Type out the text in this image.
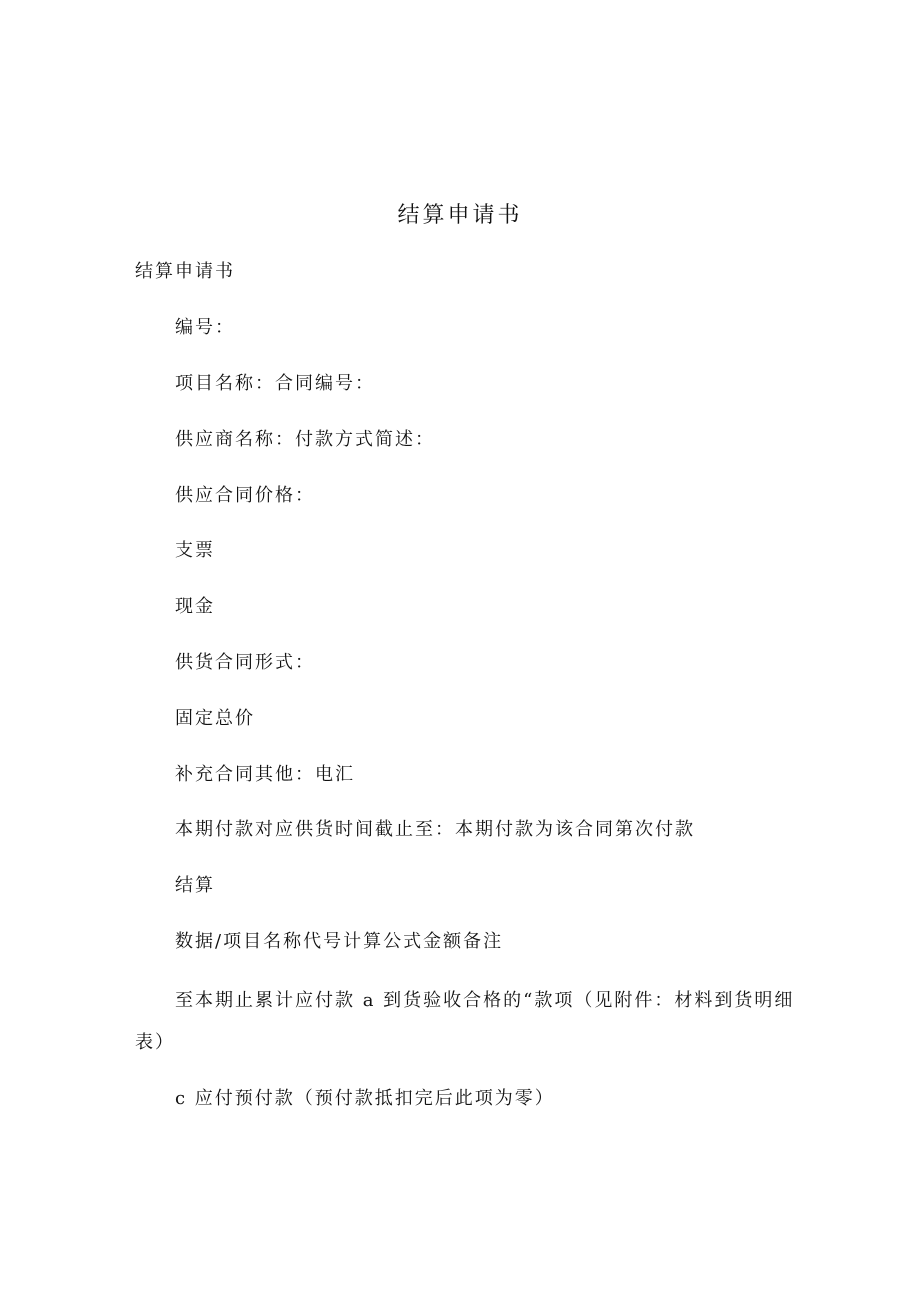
结算申请书
结算申请书
编号：
项目名称：合同编号：
供应商名称：付款方式简述：
供应合同价格：
支票
现金
供货合同形式：
固定总价
补充合同其他：电汇
本期付款对应供货时间截止至：本期付款为该合同第次付款
结算
数据/项目名称代号计算公式金额备注
至本期止累计应付款 a 到货验收合格的“款项（见附件：材料到货明细表）
c 应付预付款（预付款抵扣完后此项为零）
